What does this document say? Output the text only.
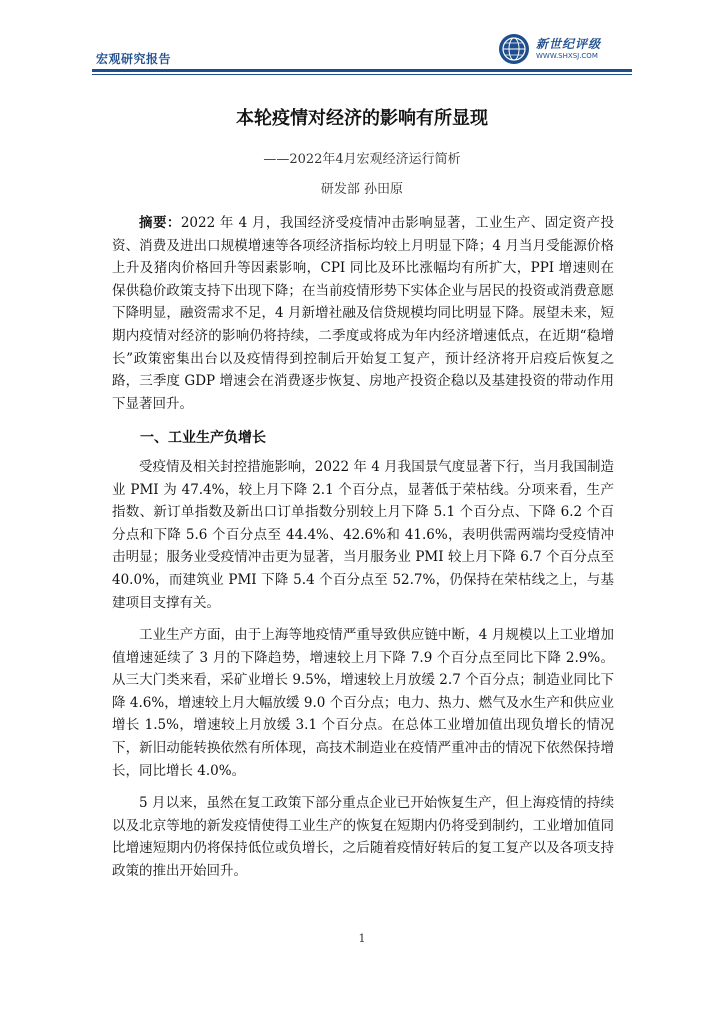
宏观研究报告
新世纪评级
WWW.SHXSJ.COM
本轮疫情对经济的影响有所显现
——2022年4月宏观经济运行简析
研发部 孙田原

摘要：2022 年 4 月，我国经济受疫情冲击影响显著，工业生产、固定资产投资、消费及进出口规模增速等各项经济指标均较上月明显下降；4 月当月受能源价格上升及猪肉价格回升等因素影响，CPI 同比及环比涨幅均有所扩大，PPI 增速则在保供稳价政策支持下出现下降；在当前疫情形势下实体企业与居民的投资或消费意愿下降明显，融资需求不足，4 月新增社融及信贷规模均同比明显下降。展望未来，短期内疫情对经济的影响仍将持续，二季度或将成为年内经济增速低点，在近期“稳增长”政策密集出台以及疫情得到控制后开始复工复产，预计经济将开启疫后恢复之路，三季度 GDP 增速会在消费逐步恢复、房地产投资企稳以及基建投资的带动作用下显著回升。

一、工业生产负增长

受疫情及相关封控措施影响，2022 年 4 月我国景气度显著下行，当月我国制造业 PMI 为 47.4%，较上月下降 2.1 个百分点，显著低于荣枯线。分项来看，生产指数、新订单指数及新出口订单指数分别较上月下降 5.1 个百分点、下降 6.2 个百分点和下降 5.6 个百分点至 44.4%、42.6%和 41.6%，表明供需两端均受疫情冲击明显；服务业受疫情冲击更为显著，当月服务业 PMI 较上月下降 6.7 个百分点至 40.0%，而建筑业 PMI 下降 5.4 个百分点至 52.7%，仍保持在荣枯线之上，与基建项目支撑有关。

工业生产方面，由于上海等地疫情严重导致供应链中断，4 月规模以上工业增加值增速延续了 3 月的下降趋势，增速较上月下降 7.9 个百分点至同比下降 2.9%。从三大门类来看，采矿业增长 9.5%，增速较上月放缓 2.7 个百分点；制造业同比下降 4.6%，增速较上月大幅放缓 9.0 个百分点；电力、热力、燃气及水生产和供应业增长 1.5%，增速较上月放缓 3.1 个百分点。在总体工业增加值出现负增长的情况下，新旧动能转换依然有所体现，高技术制造业在疫情严重冲击的情况下依然保持增长，同比增长 4.0%。

5 月以来，虽然在复工政策下部分重点企业已开始恢复生产，但上海疫情的持续以及北京等地的新发疫情使得工业生产的恢复在短期内仍将受到制约，工业增加值同比增速短期内仍将保持低位或负增长，之后随着疫情好转后的复工复产以及各项支持政策的推出开始回升。

1
